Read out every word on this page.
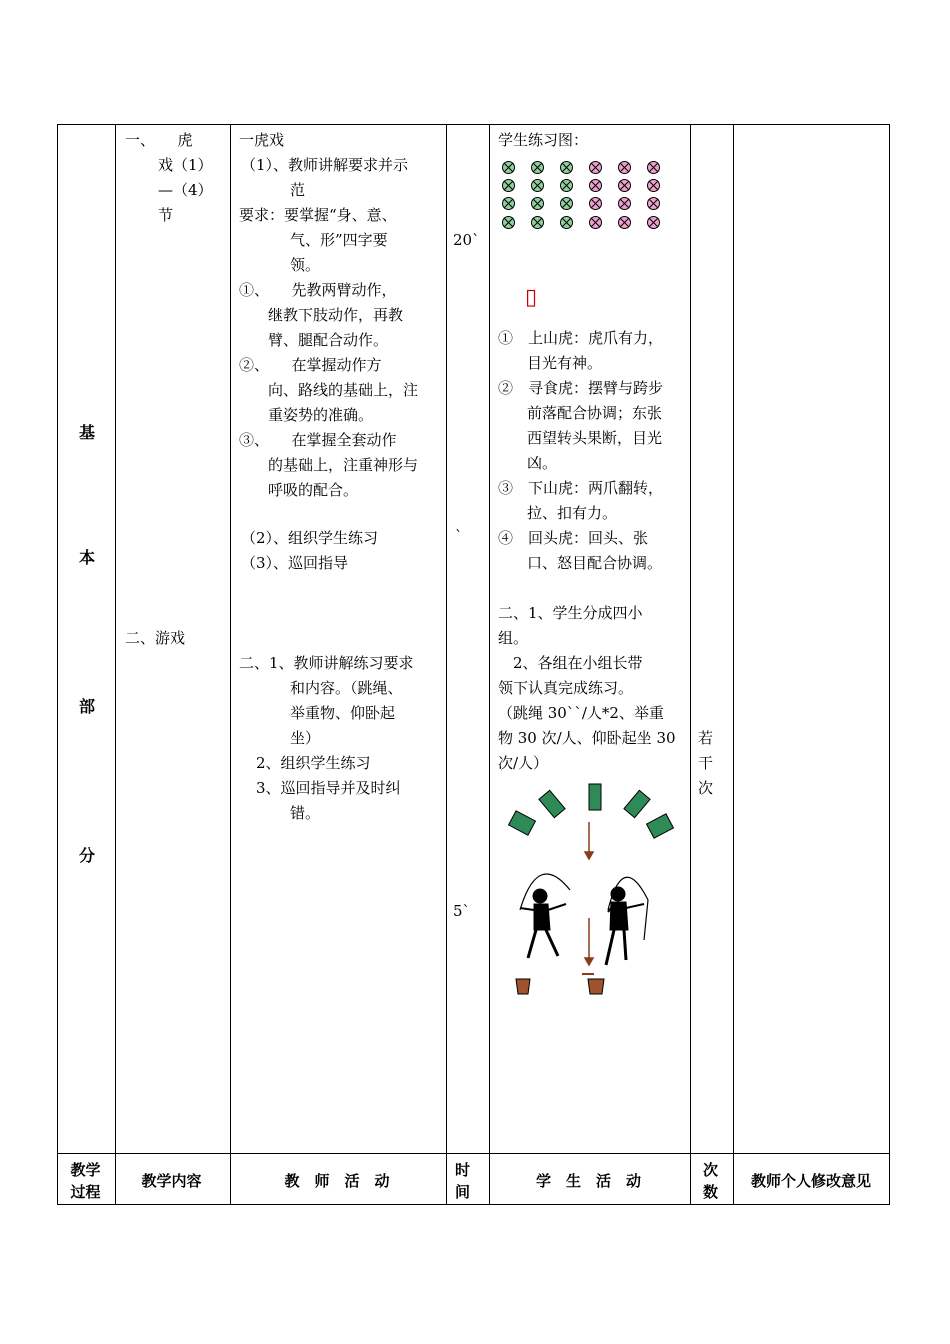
基
本
部
分
一、　　虎
戏（1）
—（4）
节
二、游戏
一虎戏
（1）、教师讲解要求并示
范
要求：要掌握“身、意、
气、形”四字要
领。
①、　　先教两臂动作，
继教下肢动作，再教
臂、腿配合动作。
②、　　在掌握动作方
向、路线的基础上，注
重姿势的准确。
③、　　在掌握全套动作
的基础上，注重神形与
呼吸的配合。
（2）、组织学生练习
（3）、巡回指导
二、1、教师讲解练习要求
和内容。（跳绳、
举重物、仰卧起
坐）
2、组织学生练习
3、巡回指导并及时纠
错。
20`
`
5`
学生练习图：
▯
①　上山虎：虎爪有力，
目光有神。
②　寻食虎：摆臂与跨步
前落配合协调；东张
西望转头果断，目光
凶。
③　下山虎：两爪翻转，
拉、扣有力。
④　回头虎：回头、张
口、怒目配合协调。
二、1、学生分成四小
组。
　2、各组在小组长带
领下认真完成练习。
（跳绳 30``/人*2、举重
物 30 次/人、仰卧起坐 30
次/人）
若
干
次
教学
过程
教学内容	教　师　活　动
时
间
学　生　活　动
次
数
教师个人修改意见
